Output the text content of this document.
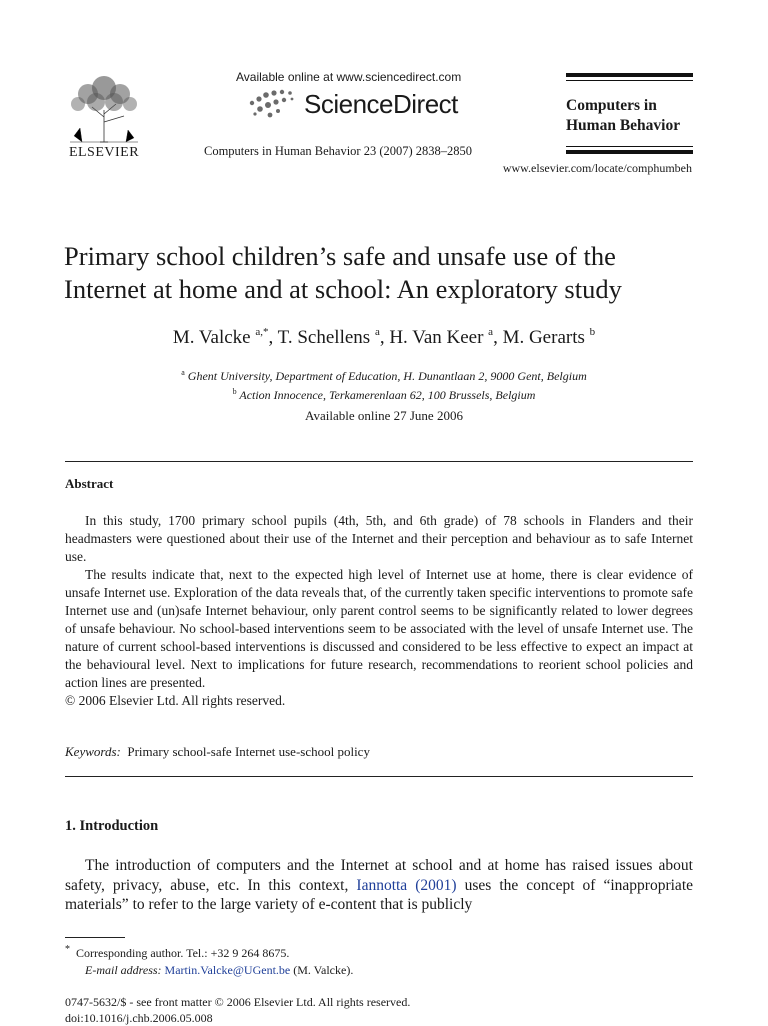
ELSEVIER
Available online at www.sciencedirect.com
ScienceDirect
Computers in Human Behavior 23 (2007) 2838–2850
Computers in
Human Behavior
www.elsevier.com/locate/comphumbeh
Primary school children’s safe and unsafe use of the
Internet at home and at school: An exploratory study
M. Valcke $^{a,*}$, T. Schellens $^a$, H. Van Keer $^a$, M. Gerarts $^b$
$^a$ Ghent University, Department of Education, H. Dunantlaan 2, 9000 Gent, Belgium
$^b$ Action Innocence, Terkamerenlaan 62, 100 Brussels, Belgium
Available online 27 June 2006
Abstract

In this study, 1700 primary school pupils (4th, 5th, and 6th grade) of 78 schools in Flanders and their headmasters were questioned about their use of the Internet and their perception and behaviour as to safe Internet use.

The results indicate that, next to the expected high level of Internet use at home, there is clear evidence of unsafe Internet use. Exploration of the data reveals that, of the currently taken specific interventions to promote safe Internet use and (un)safe Internet behaviour, only parent control seems to be significantly related to lower degrees of unsafe behaviour. No school-based interventions seem to be associated with the level of unsafe Internet use. The nature of current school-based interventions is discussed and considered to be less effective to expect an impact at the behavioural level. Next to implications for future research, recommendations to reorient school policies and action lines are presented.

© 2006 Elsevier Ltd. All rights reserved.

Keywords: Primary school-safe Internet use-school policy
1. Introduction

The introduction of computers and the Internet at school and at home has raised issues about safety, privacy, abuse, etc. In this context, Iannotta (2001) uses the concept of “inappropriate materials” to refer to the large variety of e-content that is publicly

* Corresponding author. Tel.: +32 9 264 8675.
E-mail address: Martin.Valcke@UGent.be (M. Valcke).
0747-5632/$ - see front matter © 2006 Elsevier Ltd. All rights reserved.
doi:10.1016/j.chb.2006.05.008
